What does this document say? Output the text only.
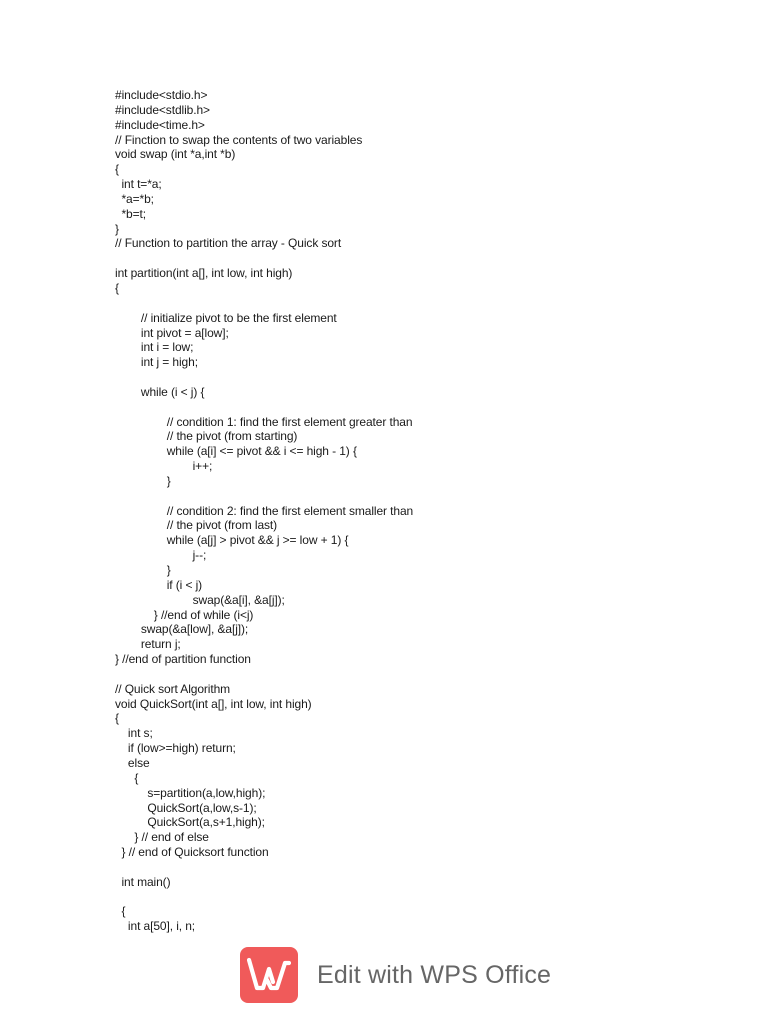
#include<stdio.h>
#include<stdlib.h>
#include<time.h>
// Finction to swap the contents of two variables
void swap (int *a,int *b)
{
int t=*a;
*a=*b;
*b=t;
}
// Function to partition the array - Quick sort
int partition(int a[], int low, int high)
{
// initialize pivot to be the first element
int pivot = a[low];
int i = low;
int j = high;
while (i < j) {
// condition 1: find the first element greater than
// the pivot (from starting)
while (a[i] <= pivot && i <= high - 1) {
i++;
}
// condition 2: find the first element smaller than
// the pivot (from last)
while (a[j] > pivot && j >= low + 1) {
j--;
}
if (i < j)
swap(&a[i], &a[j]);
} //end of while (i<j)
swap(&a[low], &a[j]);
return j;
} //end of partition function
// Quick sort Algorithm
void QuickSort(int a[], int low, int high)
{
int s;
if (low>=high) return;
else
{
s=partition(a,low,high);
QuickSort(a,low,s-1);
QuickSort(a,s+1,high);
} // end of else
} // end of Quicksort function
int main()
{
int a[50], i, n;
Edit with WPS Office
